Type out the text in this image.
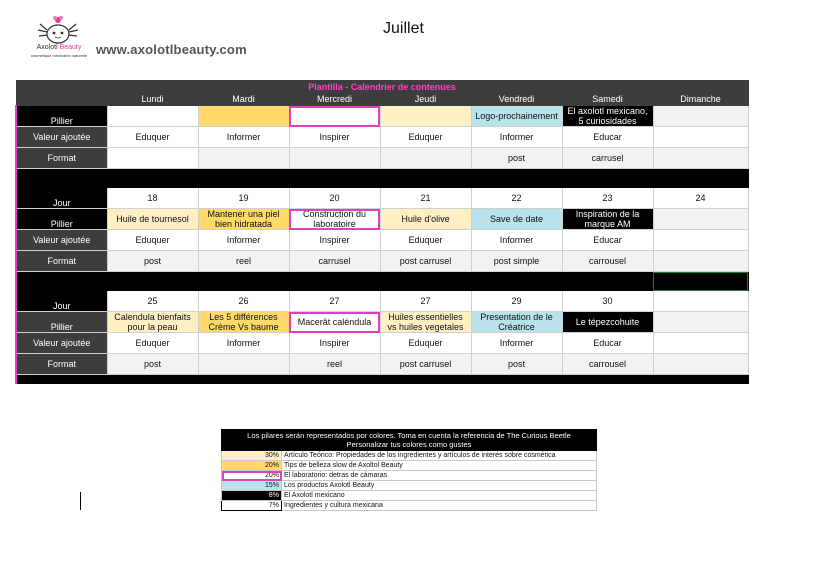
Axolotl Beauty
cosmetique mexicaine naturelle www.axolotlbeauty.com
Juillet
Plantilla - Calendrier de contenues							
	Lundi	Mardi	Mercredi	Jeudi	Vendredi	Samedi	Dimanche
Pillier					Logo-prochainement	El axolotl mexicano, 5 curiosidades	
Valeur ajoutée	Eduquer	Informer	Inspirer	Eduquer	Informer	Educar	
Format					post	carrusel	

Jour	18	19	20	21	22	23	24
Pillier	Huile de tournesol	Mantener una piel bien hidratada	Construction du laboratoire	Huile d'olive	Save de date	Inspiration de la marque AM	
Valeur ajoutée	Eduquer	Informer	Inspirer	Eduquer	Informer	Educar	
Format	post	reel	carrusel	post carrusel	post simple	carrousel	

Jour	25	26	27	27	29	30	
Pillier	Calendula bienfaits pour la peau	Les 5 différences Crème Vs baume	Macerât caléndula	Huiles essentielles vs huiles vegetales	Presentation de le Créatrice	Le tépezcohuite	
Valeur ajoutée	Eduquer	Informer	Inspirer	Eduquer	Informer	Educar	
Format	post		reel	post carrusel	post	carrousel	

Los pilares serán representados por colores. Toma en cuenta la referencia de The Curious Beetle
Personalizar tus colores como gustes	
30%	Artículo Teórico: Propiedades de los ingredientes y artículos de interés sobre cosmética
20%	Tips de belleza slow de Axoltol Beauty
20%	El laboratorio: detras de cámaras
15%	Los productos Axolotl Beauty
8%	El Axolotl mexicano
7%	Ingredientes y cultura mexicana
